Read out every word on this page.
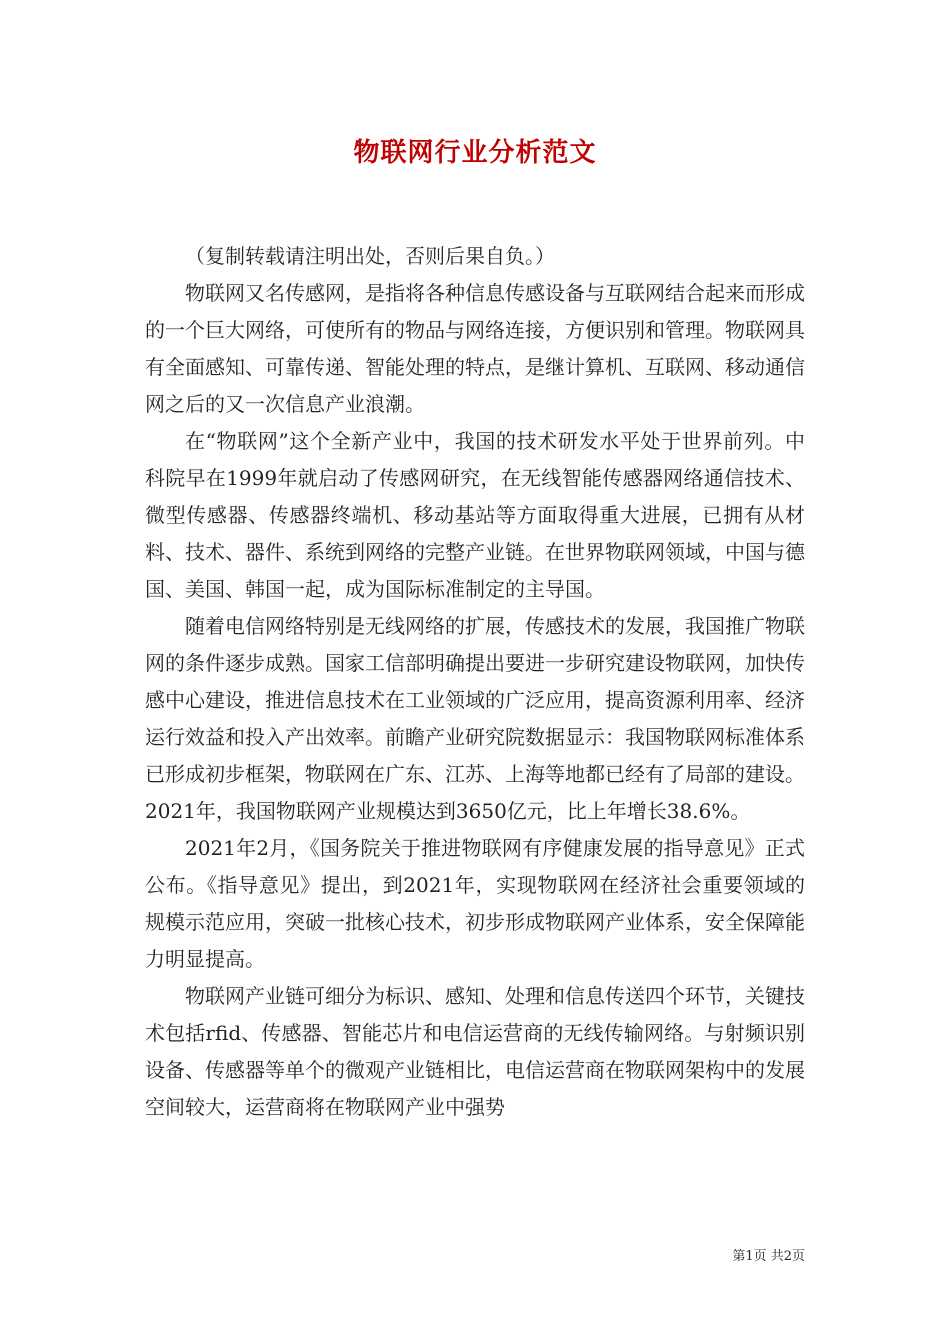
物联网行业分析范文

（复制转载请注明出处，否则后果自负。）

物联网又名传感网，是指将各种信息传感设备与互联网结合起来而形成的一个巨大网络，可使所有的物品与网络连接，方便识别和管理。物联网具有全面感知、可靠传递、智能处理的特点，是继计算机、互联网、移动通信网之后的又一次信息产业浪潮。

在“物联网”这个全新产业中，我国的技术研发水平处于世界前列。中科院早在1999年就启动了传感网研究，在无线智能传感器网络通信技术、微型传感器、传感器终端机、移动基站等方面取得重大进展，已拥有从材料、技术、器件、系统到网络的完整产业链。在世界物联网领域，中国与德国、美国、韩国一起，成为国际标准制定的主导国。

随着电信网络特别是无线网络的扩展，传感技术的发展，我国推广物联网的条件逐步成熟。国家工信部明确提出要进一步研究建设物联网，加快传感中心建设，推进信息技术在工业领域的广泛应用，提高资源利用率、经济运行效益和投入产出效率。前瞻产业研究院数据显示：我国物联网标准体系已形成初步框架，物联网在广东、江苏、上海等地都已经有了局部的建设。2021年，我国物联网产业规模达到3650亿元，比上年增长38.6%。

2021年2月，《国务院关于推进物联网有序健康发展的指导意见》正式公布。《指导意见》提出，到2021年，实现物联网在经济社会重要领域的规模示范应用，突破一批核心技术，初步形成物联网产业体系，安全保障能力明显提高。

物联网产业链可细分为标识、感知、处理和信息传送四个环节，关键技术包括rfid、传感器、智能芯片和电信运营商的无线传输网络。与射频识别设备、传感器等单个的微观产业链相比，电信运营商在物联网架构中的发展空间较大，运营商将在物联网产业中强势

第1页 共2页
